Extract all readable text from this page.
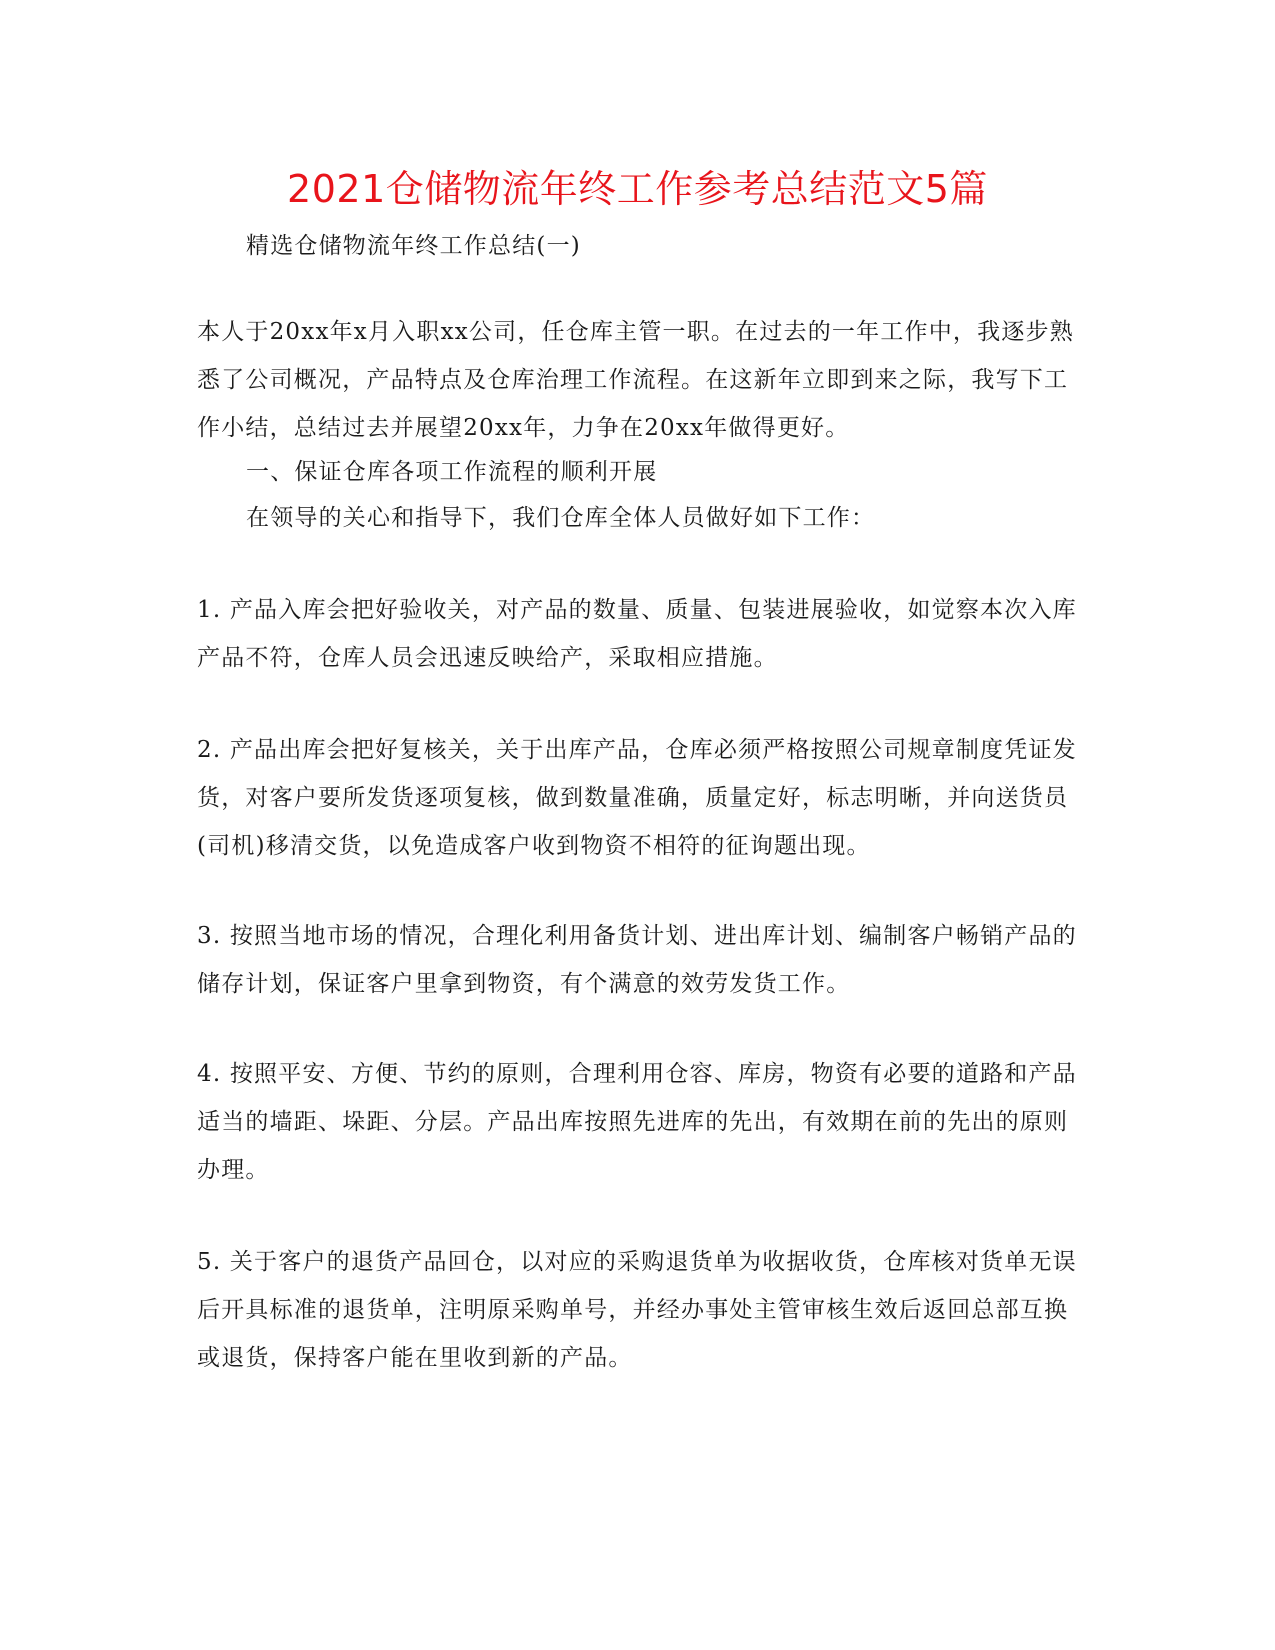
2021仓储物流年终工作参考总结范文5篇

精选仓储物流年终工作总结(一)

本人于20xx年x月入职xx公司，任仓库主管一职。在过去的一年工作中，我逐步熟悉了公司概况，产品特点及仓库治理工作流程。在这新年立即到来之际，我写下工作小结，总结过去并展望20xx年，力争在20xx年做得更好。

一、保证仓库各项工作流程的顺利开展

在领导的关心和指导下，我们仓库全体人员做好如下工作：

1. 产品入库会把好验收关，对产品的数量、质量、包装进展验收，如觉察本次入库产品不符，仓库人员会迅速反映给产，采取相应措施。

2. 产品出库会把好复核关，关于出库产品，仓库必须严格按照公司规章制度凭证发货，对客户要所发货逐项复核，做到数量准确，质量定好，标志明晰，并向送货员(司机)移清交货，以免造成客户收到物资不相符的征询题出现。

3. 按照当地市场的情况，合理化利用备货计划、进出库计划、编制客户畅销产品的储存计划，保证客户里拿到物资，有个满意的效劳发货工作。

4. 按照平安、方便、节约的原则，合理利用仓容、库房，物资有必要的道路和产品适当的墙距、垛距、分层。产品出库按照先进库的先出，有效期在前的先出的原则办理。

5. 关于客户的退货产品回仓，以对应的采购退货单为收据收货，仓库核对货单无误后开具标准的退货单，注明原采购单号，并经办事处主管审核生效后返回总部互换或退货，保持客户能在里收到新的产品。
